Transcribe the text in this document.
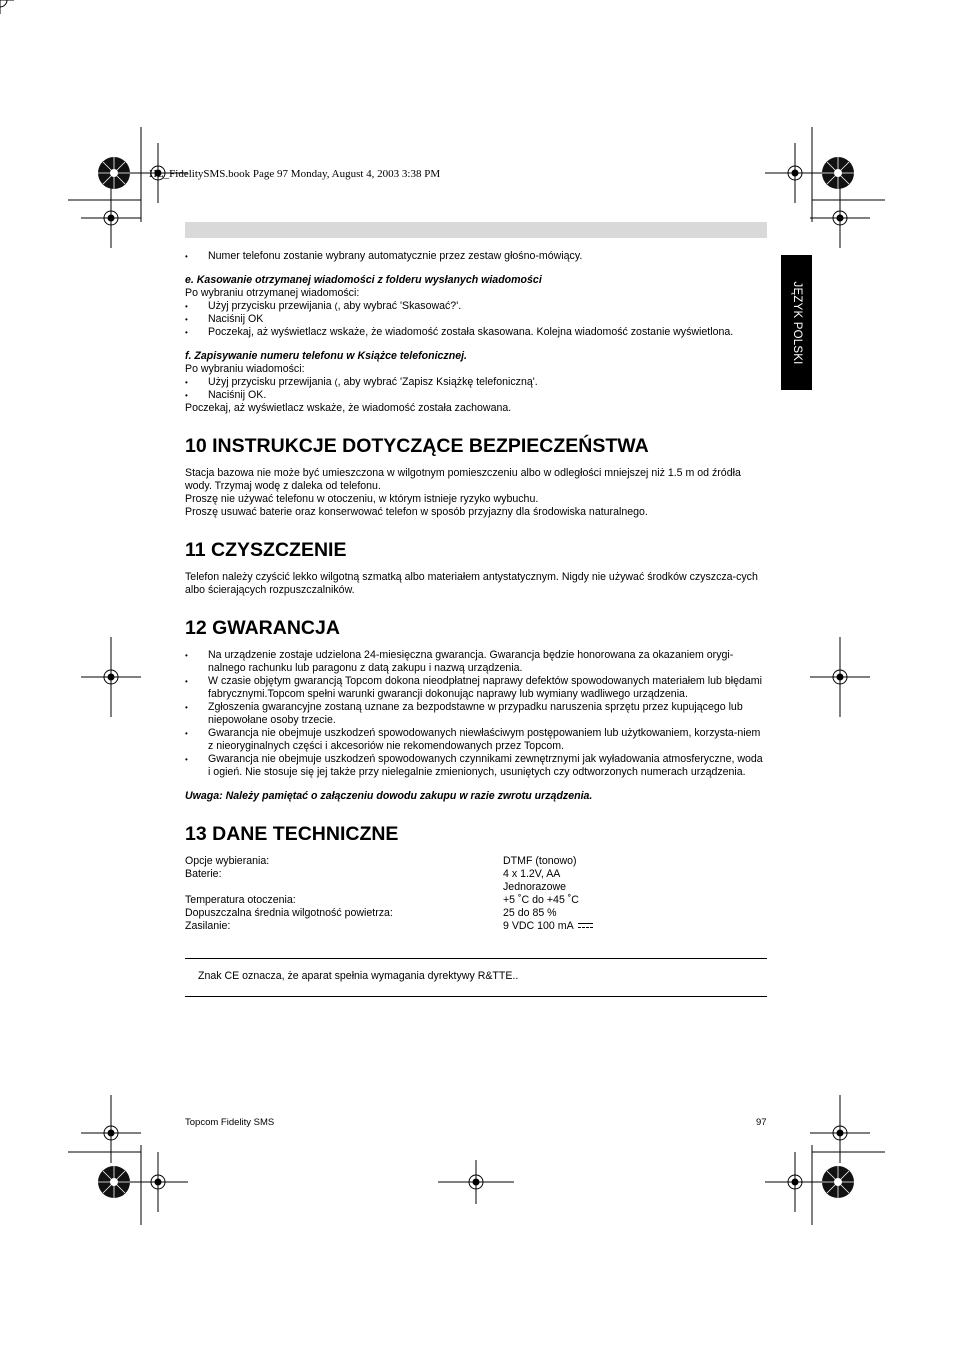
HL_FidelitySMS.book Page 97 Monday, August 4, 2003 3:38 PM
JĘZYK POLSKI

• Numer telefonu zostanie wybrany automatycznie przez zestaw głośno-mówiący.

e. Kasowanie otrzymanej wiadomości z folderu wysłanych wiadomości

Po wybraniu otrzymanej wiadomości:

• Użyj przycisku przewijania (, aby wybrać 'Skasować?'.

• Naciśnij OK

• Poczekaj, aż wyświetlacz wskaże, że wiadomość została skasowana. Kolejna wiadomość zostanie wyświetlona.

f. Zapisywanie numeru telefonu w Książce telefonicznej.

Po wybraniu wiadomości:

• Użyj przycisku przewijania (, aby wybrać 'Zapisz Książkę telefoniczną'.

• Naciśnij OK.

Poczekaj, aż wyświetlacz wskaże, że wiadomość została zachowana.

10 INSTRUKCJE DOTYCZĄCE BEZPIECZEŃSTWA

Stacja bazowa nie może być umieszczona w wilgotnym pomieszczeniu albo w odległości mniejszej niż 1.5 m od źródła wody. Trzymaj wodę z daleka od telefonu.

Proszę nie używać telefonu w otoczeniu, w którym istnieje ryzyko wybuchu.

Proszę usuwać baterie oraz konserwować telefon w sposób przyjazny dla środowiska naturalnego.

11 CZYSZCZENIE

Telefon należy czyścić lekko wilgotną szmatką albo materiałem antystatycznym. Nigdy nie używać środków czyszcza-cych albo ścierających rozpuszczalników.

12 GWARANCJA

• Na urządzenie zostaje udzielona 24-miesięczna gwarancja. Gwarancja będzie honorowana za okazaniem orygi-nalnego rachunku lub paragonu z datą zakupu i nazwą urządzenia.

• W czasie objętym gwarancją Topcom dokona nieodpłatnej naprawy defektów spowodowanych materiałem lub błędami fabrycznymi.Topcom spełni warunki gwarancji dokonując naprawy lub wymiany wadliwego urządzenia.

• Zgłoszenia gwarancyjne zostaną uznane za bezpodstawne w przypadku naruszenia sprzętu przez kupującego lub niepowołane osoby trzecie.

• Gwarancja nie obejmuje uszkodzeń spowodowanych niewłaściwym postępowaniem lub użytkowaniem, korzysta-niem z nieoryginalnych części i akcesoriów nie rekomendowanych przez Topcom.

• Gwarancja nie obejmuje uszkodzeń spowodowanych czynnikami zewnętrznymi jak wyładowania atmosferyczne, woda i ogień. Nie stosuje się jej także przy nielegalnie zmienionych, usuniętych czy odtworzonych numerach urządzenia.

Uwaga: Należy pamiętać o załączeniu dowodu zakupu w razie zwrotu urządzenia.

13 DANE TECHNICZNE
Opcje wybierania:	DTMF (tonowo)
Baterie:	4 x 1.2V, AA
Jednorazowe
Temperatura otoczenia:	+5 ˚C do +45 ˚C
Dopuszczalna średnia wilgotność powietrza:	25 do 85 %
Zasilanie:	9 VDC 100 mA
Znak CE oznacza, że aparat spełnia wymagania dyrektywy R&TTE..
Topcom Fidelity SMS	97
